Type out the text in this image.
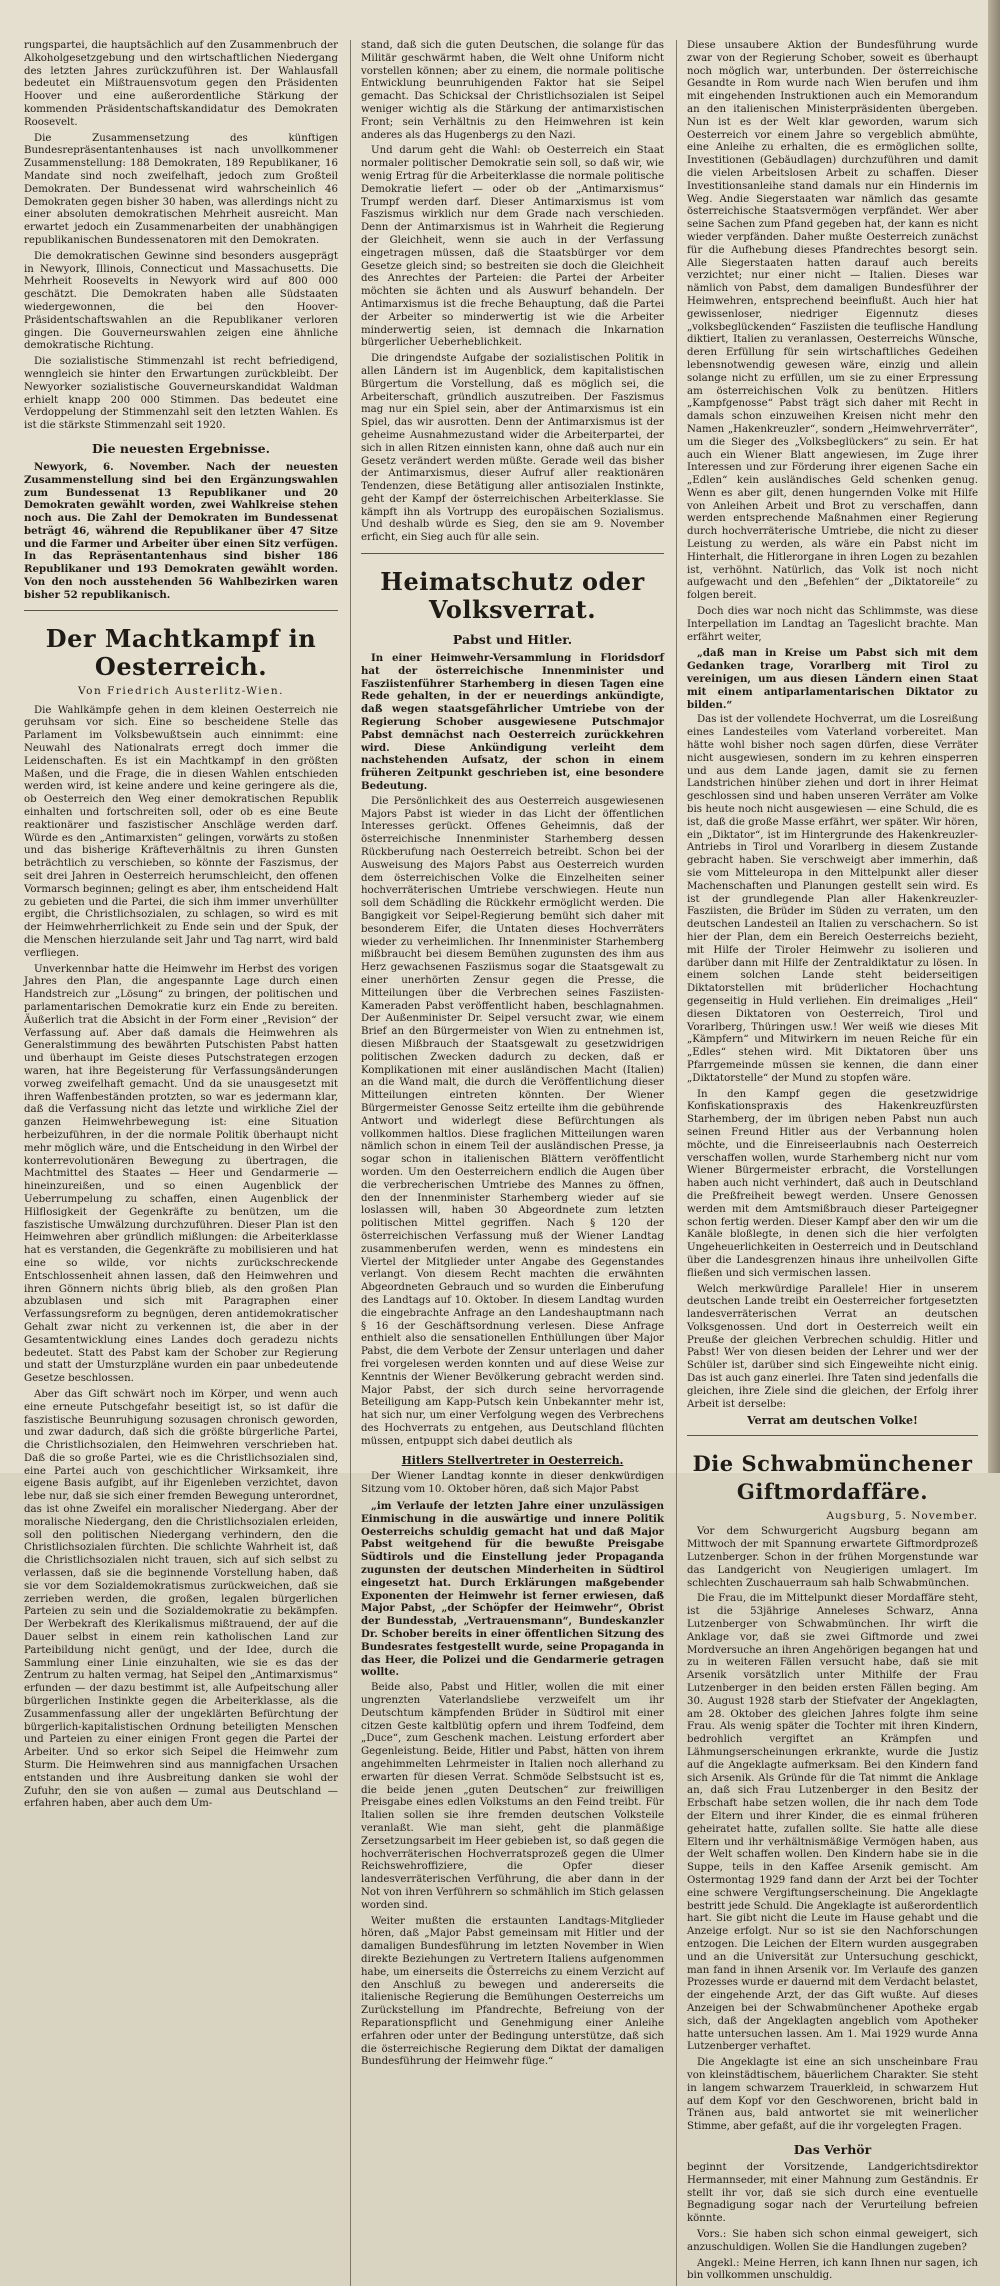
rungspartei, die hauptsächlich auf den Zusammenbruch der Alkoholgesetzgebung und den wirtschaftlichen Niedergang des letzten Jahres zurückzuführen ist. Der Wahlausfall bedeutet ein Mißtrauensvotum gegen den Präsidenten Hoover und eine außerordentliche Stärkung der kommenden Präsidentschaftskandidatur des Demokraten Roosevelt.

Die Zusammensetzung des künftigen Bundesrepräsentantenhauses ist nach unvollkommener Zusammenstellung: 188 Demokraten, 189 Republikaner, 16 Mandate sind noch zweifelhaft, jedoch zum Großteil Demokraten. Der Bundessenat wird wahrscheinlich 46 Demokraten gegen bisher 30 haben, was allerdings nicht zu einer absoluten demokratischen Mehrheit ausreicht. Man erwartet jedoch ein Zusammenarbeiten der unabhängigen republikanischen Bundessenatoren mit den Demokraten.

Die demokratischen Gewinne sind besonders ausgeprägt in Newyork, Illinois, Connecticut und Massachusetts. Die Mehrheit Roosevelts in Newyork wird auf 800 000 geschätzt. Die Demokraten haben alle Südstaaten wiedergewonnen, die bei den Hoover-Präsidentschaftswahlen an die Republikaner verloren gingen. Die Gouverneurswahlen zeigen eine ähnliche demokratische Richtung.

Die sozialistische Stimmenzahl ist recht befriedigend, wenngleich sie hinter den Erwartungen zurückbleibt. Der Newyorker sozialistische Gouverneurskandidat Waldman erhielt knapp 200 000 Stimmen. Das bedeutet eine Verdoppelung der Stimmenzahl seit den letzten Wahlen. Es ist die stärkste Stimmenzahl seit 1920.

Die neuesten Ergebnisse.

Newyork, 6. November. Nach der neuesten Zusammenstellung sind bei den Ergänzungswahlen zum Bundessenat 13 Republikaner und 20 Demokraten gewählt worden, zwei Wahlkreise stehen noch aus. Die Zahl der Demokraten im Bundessenat beträgt 46, während die Republikaner über 47 Sitze und die Farmer und Arbeiter über einen Sitz verfügen. In das Repräsentantenhaus sind bisher 186 Republikaner und 193 Demokraten gewählt worden. Von den noch ausstehenden 56 Wahlbezirken waren bisher 52 republikanisch.

Der Machtkampf in Oesterreich.
Von Friedrich Austerlitz-Wien.

Die Wahlkämpfe gehen in dem kleinen Oesterreich nie geruhsam vor sich. Eine so bescheidene Stelle das Parlament im Volksbewußtsein auch einnimmt: eine Neuwahl des Nationalrats erregt doch immer die Leidenschaften. Es ist ein Machtkampf in den größten Maßen, und die Frage, die in diesen Wahlen entschieden werden wird, ist keine andere und keine geringere als die, ob Oesterreich den Weg einer demokratischen Republik einhalten und fortschreiten soll, oder ob es eine Beute reaktionärer und faszistischer Anschläge werden darf. Würde es den „Antimarxisten“ gelingen, vorwärts zu stoßen und das bisherige Kräfteverhältnis zu ihren Gunsten beträchtlich zu verschieben, so könnte der Faszismus, der seit drei Jahren in Oesterreich herumschleicht, den offenen Vormarsch beginnen; gelingt es aber, ihm entscheidend Halt zu gebieten und die Partei, die sich ihm immer unverhüllter ergibt, die Christlichsozialen, zu schlagen, so wird es mit der Heimwehrherrlichkeit zu Ende sein und der Spuk, der die Menschen hierzulande seit Jahr und Tag narrt, wird bald verfliegen.

Unverkennbar hatte die Heimwehr im Herbst des vorigen Jahres den Plan, die angespannte Lage durch einen Handstreich zur „Lösung“ zu bringen, der politischen und parlamentarischen Demokratie kurz ein Ende zu bereiten. Äußerlich trat die Absicht in der Form einer „Revision“ der Verfassung auf. Aber daß damals die Heimwehren als Generalstimmung des bewährten Putschisten Pabst hatten und überhaupt im Geiste dieses Putschstrategen erzogen waren, hat ihre Begeisterung für Verfassungsänderungen vorweg zweifelhaft gemacht. Und da sie unausgesetzt mit ihren Waffenbeständen protzten, so war es jedermann klar, daß die Verfassung nicht das letzte und wirkliche Ziel der ganzen Heimwehrbewegung ist: eine Situation herbeizuführen, in der die normale Politik überhaupt nicht mehr möglich wäre, und die Entscheidung in den Wirbel der konterrevolutionären Bewegung zu übertragen, die Machtmittel des Staates — Heer und Gendarmerie — hineinzureißen, und so einen Augenblick der Ueberrumpelung zu schaffen, einen Augenblick der Hilflosigkeit der Gegenkräfte zu benützen, um die faszistische Umwälzung durchzuführen. Dieser Plan ist den Heimwehren aber gründlich mißlungen: die Arbeiterklasse hat es verstanden, die Gegenkräfte zu mobilisieren und hat eine so wilde, vor nichts zurückschreckende Entschlossenheit ahnen lassen, daß den Heimwehren und ihren Gönnern nichts übrig blieb, als den großen Plan abzublasen und sich mit Paragraphen einer Verfassungsreform zu begnügen, deren antidemokratischer Gehalt zwar nicht zu verkennen ist, die aber in der Gesamtentwicklung eines Landes doch geradezu nichts bedeutet. Statt des Pabst kam der Schober zur Regierung und statt der Umsturzpläne wurden ein paar unbedeutende Gesetze beschlossen.

Aber das Gift schwärt noch im Körper, und wenn auch eine erneute Putschgefahr beseitigt ist, so ist dafür die faszistische Beunruhigung sozusagen chronisch geworden, und zwar dadurch, daß sich die größte bürgerliche Partei, die Christlichsozialen, den Heimwehren verschrieben hat. Daß die so große Partei, wie es die Christlichsozialen sind, eine Partei auch von geschichtlicher Wirksamkeit, ihre eigene Basis aufgibt, auf ihr Eigenleben verzichtet, davon lebe nur, daß sie sich einer fremden Bewegung unterordnet, das ist ohne Zweifel ein moralischer Niedergang. Aber der moralische Niedergang, den die Christlichsozialen erleiden, soll den politischen Niedergang verhindern, den die Christlichsozialen fürchten. Die schlichte Wahrheit ist, daß die Christlichsozialen nicht trauen, sich auf sich selbst zu verlassen, daß sie die beginnende Vorstellung haben, daß sie vor dem Sozialdemokratismus zurückweichen, daß sie zerrieben werden, die großen, legalen bürgerlichen Parteien zu sein und die Sozialdemokratie zu bekämpfen. Der Werbekraft des Klerikalismus mißtrauend, der auf die Dauer selbst in einem rein katholischen Land zur Parteibildung nicht genügt, und der Idee, durch die Sammlung einer Linie einzuhalten, wie sie es das der Zentrum zu halten vermag, hat Seipel den „Antimarxismus“ erfunden — der dazu bestimmt ist, alle Aufpeitschung aller bürgerlichen Instinkte gegen die Arbeiterklasse, als die Zusammenfassung aller der ungeklärten Befürchtung der bürgerlich-kapitalistischen Ordnung beteiligten Menschen und Parteien zu einer einigen Front gegen die Partei der Arbeiter. Und so erkor sich Seipel die Heimwehr zum Sturm. Die Heimwehren sind aus mannigfachen Ursachen entstanden und ihre Ausbreitung danken sie wohl der Zufuhr, den sie von außen — zumal aus Deutschland — erfahren haben, aber auch dem Um-

stand, daß sich die guten Deutschen, die solange für das Militär geschwärmt haben, die Welt ohne Uniform nicht vorstellen können; aber zu einem, die normale politische Entwicklung beunruhigenden Faktor hat sie Seipel gemacht. Das Schicksal der Christlichsozialen ist Seipel weniger wichtig als die Stärkung der antimarxistischen Front; sein Verhältnis zu den Heimwehren ist kein anderes als das Hugenbergs zu den Nazi.

Und darum geht die Wahl: ob Oesterreich ein Staat normaler politischer Demokratie sein soll, so daß wir, wie wenig Ertrag für die Arbeiterklasse die normale politische Demokratie liefert — oder ob der „Antimarxismus“ Trumpf werden darf. Dieser Antimarxismus ist vom Faszismus wirklich nur dem Grade nach verschieden. Denn der Antimarxismus ist in Wahrheit die Regierung der Gleichheit, wenn sie auch in der Verfassung eingetragen müssen, daß die Staatsbürger vor dem Gesetze gleich sind; so bestreiten sie doch die Gleichheit des Anrechtes der Parteien: die Partei der Arbeiter möchten sie ächten und als Auswurf behandeln. Der Antimarxismus ist die freche Behauptung, daß die Partei der Arbeiter so minderwertig ist wie die Arbeiter minderwertig seien, ist demnach die Inkarnation bürgerlicher Ueberheblichkeit.

Die dringendste Aufgabe der sozialistischen Politik in allen Ländern ist im Augenblick, dem kapitalistischen Bürgertum die Vorstellung, daß es möglich sei, die Arbeiterschaft, gründlich auszutreiben. Der Faszismus mag nur ein Spiel sein, aber der Antimarxismus ist ein Spiel, das wir ausrotten. Denn der Antimarxismus ist der geheime Ausnahmezustand wider die Arbeiterpartei, der sich in allen Ritzen einnisten kann, ohne daß auch nur ein Gesetz verändert werden müßte. Gerade weil das bisher der Antimarxismus, dieser Aufruf aller reaktionären Tendenzen, diese Betätigung aller antisozialen Instinkte, geht der Kampf der österreichischen Arbeiterklasse. Sie kämpft ihn als Vortrupp des europäischen Sozialismus. Und deshalb würde es Sieg, den sie am 9. November erficht, ein Sieg auch für alle sein.

Heimatschutz oder Volksverrat.
Pabst und Hitler.

In einer Heimwehr-Versammlung in Floridsdorf hat der österreichische Innenminister und Fasziistenführer Starhemberg in diesen Tagen eine Rede gehalten, in der er neuerdings ankündigte, daß wegen staatsgefährlicher Umtriebe von der Regierung Schober ausgewiesene Putschmajor Pabst demnächst nach Oesterreich zurückkehren wird. Diese Ankündigung verleiht dem nachstehenden Aufsatz, der schon in einem früheren Zeitpunkt geschrieben ist, eine besondere Bedeutung.

Die Persönlichkeit des aus Oesterreich ausgewiesenen Majors Pabst ist wieder in das Licht der öffentlichen Interesses gerückt. Offenes Geheimnis, daß der österreichische Innenminister Starhemberg dessen Rückberufung nach Oesterreich betreibt. Schon bei der Ausweisung des Majors Pabst aus Oesterreich wurden dem österreichischen Volke die Einzelheiten seiner hochverräterischen Umtriebe verschwiegen. Heute nun soll dem Schädling die Rückkehr ermöglicht werden. Die Bangigkeit vor Seipel-Regierung bemüht sich daher mit besonderem Eifer, die Untaten dieses Hochverräters wieder zu verheimlichen. Ihr Innenminister Starhemberg mißbraucht bei diesem Bemühen zugunsten des ihm aus Herz gewachsenen Fasziismus sogar die Staatsgewalt zu einer unerhörten Zensur gegen die Presse, die Mitteilungen über die Verbrechen seines Fasziisten-Kameraden Pabst veröffentlicht haben, beschlagnahmen. Der Außenminister Dr. Seipel versucht zwar, wie einem Brief an den Bürgermeister von Wien zu entnehmen ist, diesen Mißbrauch der Staatsgewalt zu gesetzwidrigen politischen Zwecken dadurch zu decken, daß er Komplikationen mit einer ausländischen Macht (Italien) an die Wand malt, die durch die Veröffentlichung dieser Mitteilungen eintreten könnten. Der Wiener Bürgermeister Genosse Seitz erteilte ihm die gebührende Antwort und widerlegt diese Befürchtungen als vollkommen haltlos. Diese fraglichen Mitteilungen waren nämlich schon in einem Teil der ausländischen Presse, ja sogar schon in italienischen Blättern veröffentlicht worden. Um den Oesterreichern endlich die Augen über die verbrecherischen Umtriebe des Mannes zu öffnen, den der Innenminister Starhemberg wieder auf sie loslassen will, haben 30 Abgeordnete zum letzten politischen Mittel gegriffen. Nach § 120 der österreichischen Verfassung muß der Wiener Landtag zusammenberufen werden, wenn es mindestens ein Viertel der Mitglieder unter Angabe des Gegenstandes verlangt. Von diesem Recht machten die erwähnten Abgeordneten Gebrauch und so wurden die Einberufung des Landtags auf 10. Oktober. In diesem Landtag wurden die eingebrachte Anfrage an den Landeshauptmann nach § 16 der Geschäftsordnung verlesen. Diese Anfrage enthielt also die sensationellen Enthüllungen über Major Pabst, die dem Verbote der Zensur unterlagen und daher frei vorgelesen werden konnten und auf diese Weise zur Kenntnis der Wiener Bevölkerung gebracht werden sind. Major Pabst, der sich durch seine hervorragende Beteiligung am Kapp-Putsch kein Unbekannter mehr ist, hat sich nur, um einer Verfolgung wegen des Verbrechens des Hochverrats zu entgehen, aus Deutschland flüchten müssen, entpuppt sich dabei deutlich als

Hitlers Stellvertreter in Oesterreich.

Der Wiener Landtag konnte in dieser denkwürdigen Sitzung vom 10. Oktober hören, daß sich Major Pabst

„im Verlaufe der letzten Jahre einer unzulässigen Einmischung in die auswärtige und innere Politik Oesterreichs schuldig gemacht hat und daß Major Pabst weitgehend für die bewußte Preisgabe Südtirols und die Einstellung jeder Propaganda zugunsten der deutschen Minderheiten in Südtirol eingesetzt hat. Durch Erklärungen maßgebender Exponenten der Heimwehr ist ferner erwiesen, daß Major Pabst, „der Schöpfer der Heimwehr“, Obrist der Bundesstab, „Vertrauensmann“, Bundeskanzler Dr. Schober bereits in einer öffentlichen Sitzung des Bundesrates festgestellt wurde, seine Propaganda in das Heer, die Polizei und die Gendarmerie getragen wollte.

Beide also, Pabst und Hitler, wollen die mit einer ungrenzten Vaterlandsliebe verzweifelt um ihr Deutschtum kämpfenden Brüder in Südtirol mit einer citzen Geste kaltblütig opfern und ihrem Todfeind, dem „Duce“, zum Geschenk machen. Leistung erfordert aber Gegenleistung. Beide, Hitler und Pabst, hätten von ihrem angehimmelten Lehrmeister in Italien noch allerhand zu erwarten für diesen Verrat. Schmöde Selbstsucht ist es, die beide jenen „guten Deutschen“ zur freiwilligen Preisgabe eines edlen Volkstums an den Feind treibt. Für Italien sollen sie ihre fremden deutschen Volksteile veranlaßt. Wie man sieht, geht die planmäßige Zersetzungsarbeit im Heer gebieben ist, so daß gegen die hochverräterischen Hochverratsprozeß gegen die Ulmer Reichswehroffiziere, die Opfer dieser landesverräterischen Verführung, die aber dann in der Not von ihren Verführern so schmählich im Stich gelassen worden sind.

Weiter mußten die erstaunten Landtags-Mitglieder hören, daß „Major Pabst gemeinsam mit Hitler und der damaligen Bundesführung im letzten November in Wien direkte Beziehungen zu Vertretern Italiens aufgenommen habe, um einerseits die Österreichs zu einem Verzicht auf den Anschluß zu bewegen und andererseits die italienische Regierung die Bemühungen Oesterreichs um Zurückstellung im Pfandrechte, Befreiung von der Reparationspflicht und Genehmigung einer Anleihe erfahren oder unter der Bedingung unterstütze, daß sich die österreichische Regierung dem Diktat der damaligen Bundesführung der Heimwehr füge.“

Diese unsaubere Aktion der Bundesführung wurde zwar von der Regierung Schober, soweit es überhaupt noch möglich war, unterbunden. Der österreichische Gesandte in Rom wurde nach Wien berufen und ihm mit eingehenden Instruktionen auch ein Memorandum an den italienischen Ministerpräsidenten übergeben. Nun ist es der Welt klar geworden, warum sich Oesterreich vor einem Jahre so vergeblich abmühte, eine Anleihe zu erhalten, die es ermöglichen sollte, Investitionen (Gebäudlagen) durchzuführen und damit die vielen Arbeitslosen Arbeit zu schaffen. Dieser Investitionsanleihe stand damals nur ein Hindernis im Weg. Andie Siegerstaaten war nämlich das gesamte österreichische Staatsvermögen verpfändet. Wer aber seine Sachen zum Pfand gegeben hat, der kann es nicht wieder verpfänden. Daher mußte Oesterreich zunächst für die Aufhebung dieses Pfandrechtes besorgt sein. Alle Siegerstaaten hatten darauf auch bereits verzichtet; nur einer nicht — Italien. Dieses war nämlich von Pabst, dem damaligen Bundesführer der Heimwehren, entsprechend beeinflußt. Auch hier hat gewissenloser, niedriger Eigennutz dieses „volksbeglückenden“ Fasziisten die teuflische Handlung diktiert, Italien zu veranlassen, Oesterreichs Wünsche, deren Erfüllung für sein wirtschaftliches Gedeihen lebensnotwendig gewesen wäre, einzig und allein solange nicht zu erfüllen, um sie zu einer Erpressung am österreichischen Volk zu benützen. Hitlers „Kampfgenosse“ Pabst trägt sich daher mit Recht in damals schon einzuweihen Kreisen nicht mehr den Namen „Hakenkreuzler“, sondern „Heimwehrverräter“, um die Sieger des „Volksbeglückers“ zu sein. Er hat auch ein Wiener Blatt angewiesen, im Zuge ihrer Interessen und zur Förderung ihrer eigenen Sache ein „Edlen“ kein ausländisches Geld schenken genug. Wenn es aber gilt, denen hungernden Volke mit Hilfe von Anleihen Arbeit und Brot zu verschaffen, dann werden entsprechende Maßnahmen einer Regierung durch hochverräterische Umtriebe, die nicht zu dieser Leistung zu werden, als wäre ein Pabst nicht im Hinterhalt, die Hitlerorgane in ihren Logen zu bezahlen ist, verhöhnt. Natürlich, das Volk ist noch nicht aufgewacht und den „Befehlen“ der „Diktatoreile“ zu folgen bereit.

Doch dies war noch nicht das Schlimmste, was diese Interpellation im Landtag an Tageslicht brachte. Man erfährt weiter,

„daß man in Kreise um Pabst sich mit dem Gedanken trage, Vorarlberg mit Tirol zu vereinigen, um aus diesen Ländern einen Staat mit einem antiparlamentarischen Diktator zu bilden.“

Das ist der vollendete Hochverrat, um die Losreißung eines Landesteiles vom Vaterland vorbereitet. Man hätte wohl bisher noch sagen dürfen, diese Verräter nicht ausgewiesen, sondern im zu kehren einsperren und aus dem Lande jagen, damit sie zu fernen Landstrichen hinüber ziehen und dort in ihrer Heimat geschlossen sind und haben unseren Verräter am Volke bis heute noch nicht ausgewiesen — eine Schuld, die es ist, daß die große Masse erfährt, wer später. Wir hören, ein „Diktator“, ist im Hintergrunde des Hakenkreuzler-Antriebs in Tirol und Vorarlberg in diesem Zustande gebracht haben. Sie verschweigt aber immerhin, daß sie vom Mitteleuropa in den Mittelpunkt aller dieser Machenschaften und Planungen gestellt sein wird. Es ist der grundlegende Plan aller Hakenkreuzler-Fasziisten, die Brüder im Süden zu verraten, um den deutschen Landesteil an Italien zu verschachern. So ist hier der Plan, dem ein Bereich Oesterreichs bezieht, mit Hilfe der Tiroler Heimwehr zu isolieren und darüber dann mit Hilfe der Zentraldiktatur zu lösen. In einem solchen Lande steht beiderseitigen Diktatorstellen mit brüderlicher Hochachtung gegenseitig in Huld verliehen. Ein dreimaliges „Heil“ diesen Diktatoren von Oesterreich, Tirol und Vorarlberg, Thüringen usw.! Wer weiß wie dieses Mit „Kämpfern“ und Mitwirkern im neuen Reiche für ein „Edles“ stehen wird. Mit Diktatoren über uns Pfarrgemeinde müssen sie kennen, die dann einer „Diktatorstelle“ der Mund zu stopfen wäre.

In den Kampf gegen die gesetzwidrige Konfiskationspraxis des Hakenkreuzfürsten Starhemberg, der im übrigen neben Pabst nun auch seinen Freund Hitler aus der Verbannung holen möchte, und die Einreiseerlaubnis nach Oesterreich verschaffen wollen, wurde Starhemberg nicht nur vom Wiener Bürgermeister erbracht, die Vorstellungen haben auch nicht verhindert, daß auch in Deutschland die Preßfreiheit bewegt werden. Unsere Genossen werden mit dem Amtsmißbrauch dieser Parteigegner schon fertig werden. Dieser Kampf aber den wir um die Kanäle bloßlegte, in denen sich die hier verfolgten Ungeheuerlichkeiten in Oesterreich und in Deutschland über die Landesgrenzen hinaus ihre unheilvollen Gifte fließen und sich vermischen lassen.

Welch merkwürdige Parallele! Hier in unserem deutschen Lande treibt ein Oesterreicher fortgesetzten landesverräterischen Verrat an deutschen Volksgenossen. Und dort in Oesterreich weilt ein Preuße der gleichen Verbrechen schuldig. Hitler und Pabst! Wer von diesen beiden der Lehrer und wer der Schüler ist, darüber sind sich Eingeweihte nicht einig. Das ist auch ganz einerlei. Ihre Taten sind jedenfalls die gleichen, ihre Ziele sind die gleichen, der Erfolg ihrer Arbeit ist derselbe:

Verrat am deutschen Volke!
Die Schwabmünchener Giftmordaffäre.
Augsburg, 5. November.

Vor dem Schwurgericht Augsburg begann am Mittwoch der mit Spannung erwartete Giftmordprozeß Lutzenberger. Schon in der frühen Morgenstunde war das Landgericht von Neugierigen umlagert. Im schlechten Zuschauerraum sah halb Schwabmünchen.

Die Frau, die im Mittelpunkt dieser Mordaffäre steht, ist die 53jährige Anneleses Schwarz, Anna Lutzenberger von Schwabmünchen. Ihr wirft die Anklage vor, daß sie zwei Giftmorde und zwei Mordversuche an ihren Angehörigen begangen hat und zu in weiteren Fällen versucht habe, daß sie mit Arsenik vorsätzlich unter Mithilfe der Frau Lutzenberger in den beiden ersten Fällen beging. Am 30. August 1928 starb der Stiefvater der Angeklagten, am 28. Oktober des gleichen Jahres folgte ihm seine Frau. Als wenig später die Tochter mit ihren Kindern, bedrohlich vergiftet an Krämpfen und Lähmungserscheinungen erkrankte, wurde die Justiz auf die Angeklagte aufmerksam. Bei den Kindern fand sich Arsenik. Als Gründe für die Tat nimmt die Anklage an, daß sich Frau Lutzenberger in den Besitz der Erbschaft habe setzen wollen, die ihr nach dem Tode der Eltern und ihrer Kinder, die es einmal früheren geheiratet hatte, zufallen sollte. Sie hatte alle diese Eltern und ihr verhältnismäßige Vermögen haben, aus der Welt schaffen wollen. Den Kindern habe sie in die Suppe, teils in den Kaffee Arsenik gemischt. Am Ostermontag 1929 fand dann der Arzt bei der Tochter eine schwere Vergiftungserscheinung. Die Angeklagte bestritt jede Schuld. Die Angeklagte ist außerordentlich hart. Sie gibt nicht die Leute im Hause gehabt und die Anzeige erfolgt. Nur so ist sie den Nachforschungen entzogen. Die Leichen der Eltern wurden ausgegraben und an die Universität zur Untersuchung geschickt, man fand in ihnen Arsenik vor. Im Verlaufe des ganzen Prozesses wurde er dauernd mit dem Verdacht belastet, der eingehende Arzt, der das Gift wußte. Auf dieses Anzeigen bei der Schwabmünchener Apotheke ergab sich, daß der Angeklagten angeblich vom Apotheker hatte untersuchen lassen. Am 1. Mai 1929 wurde Anna Lutzenberger verhaftet.

Die Angeklagte ist eine an sich unscheinbare Frau von kleinstädtischem, bäuerlichem Charakter. Sie steht in langem schwarzem Trauerkleid, in schwarzem Hut auf dem Kopf vor den Geschworenen, bricht bald in Tränen aus, bald antwortet sie mit weinerlicher Stimme, aber gefaßt, auf die ihr vorgelegten Fragen.

Das Verhör

beginnt der Vorsitzende, Landgerichtsdirektor Hermannseder, mit einer Mahnung zum Geständnis. Er stellt ihr vor, daß sie sich durch eine eventuelle Begnadigung sogar nach der Verurteilung befreien könnte.

Vors.: Sie haben sich schon einmal geweigert, sich anzuschuldigen. Wollen Sie die Handlungen zugeben?

Angekl.: Meine Herren, ich kann Ihnen nur sagen, ich bin vollkommen unschuldig.
